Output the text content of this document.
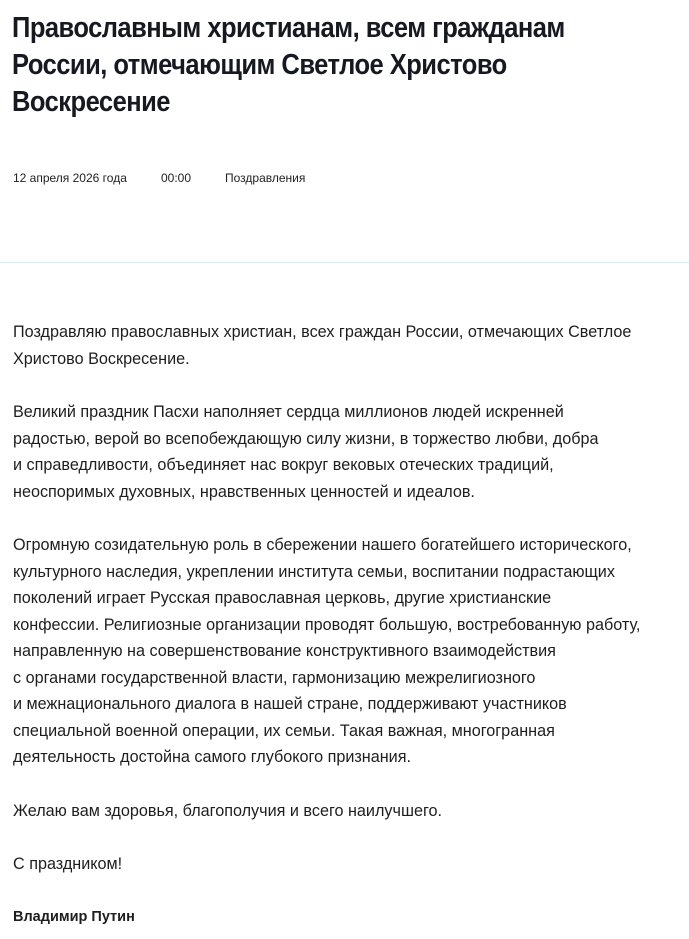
Православным христианам, всем гражданам
России, отмечающим Светлое Христово
Воскресение
12 апреля 2026 года	00:00	Поздравления

Поздравляю православных христиан, всех граждан России, отмечающих Светлое
Христово Воскресение.

Великий праздник Пасхи наполняет сердца миллионов людей искренней
радостью, верой во всепобеждающую силу жизни, в торжество любви, добра
и справедливости, объединяет нас вокруг вековых отеческих традиций,
неоспоримых духовных, нравственных ценностей и идеалов.

Огромную созидательную роль в сбережении нашего богатейшего исторического,
культурного наследия, укреплении института семьи, воспитании подрастающих
поколений играет Русская православная церковь, другие христианские
конфессии. Религиозные организации проводят большую, востребованную работу,
направленную на совершенствование конструктивного взаимодействия
с органами государственной власти, гармонизацию межрелигиозного
и межнационального диалога в нашей стране, поддерживают участников
специальной военной операции, их семьи. Такая важная, многогранная
деятельность достойна самого глубокого признания.

Желаю вам здоровья, благополучия и всего наилучшего.

С праздником!

Владимир Путин
